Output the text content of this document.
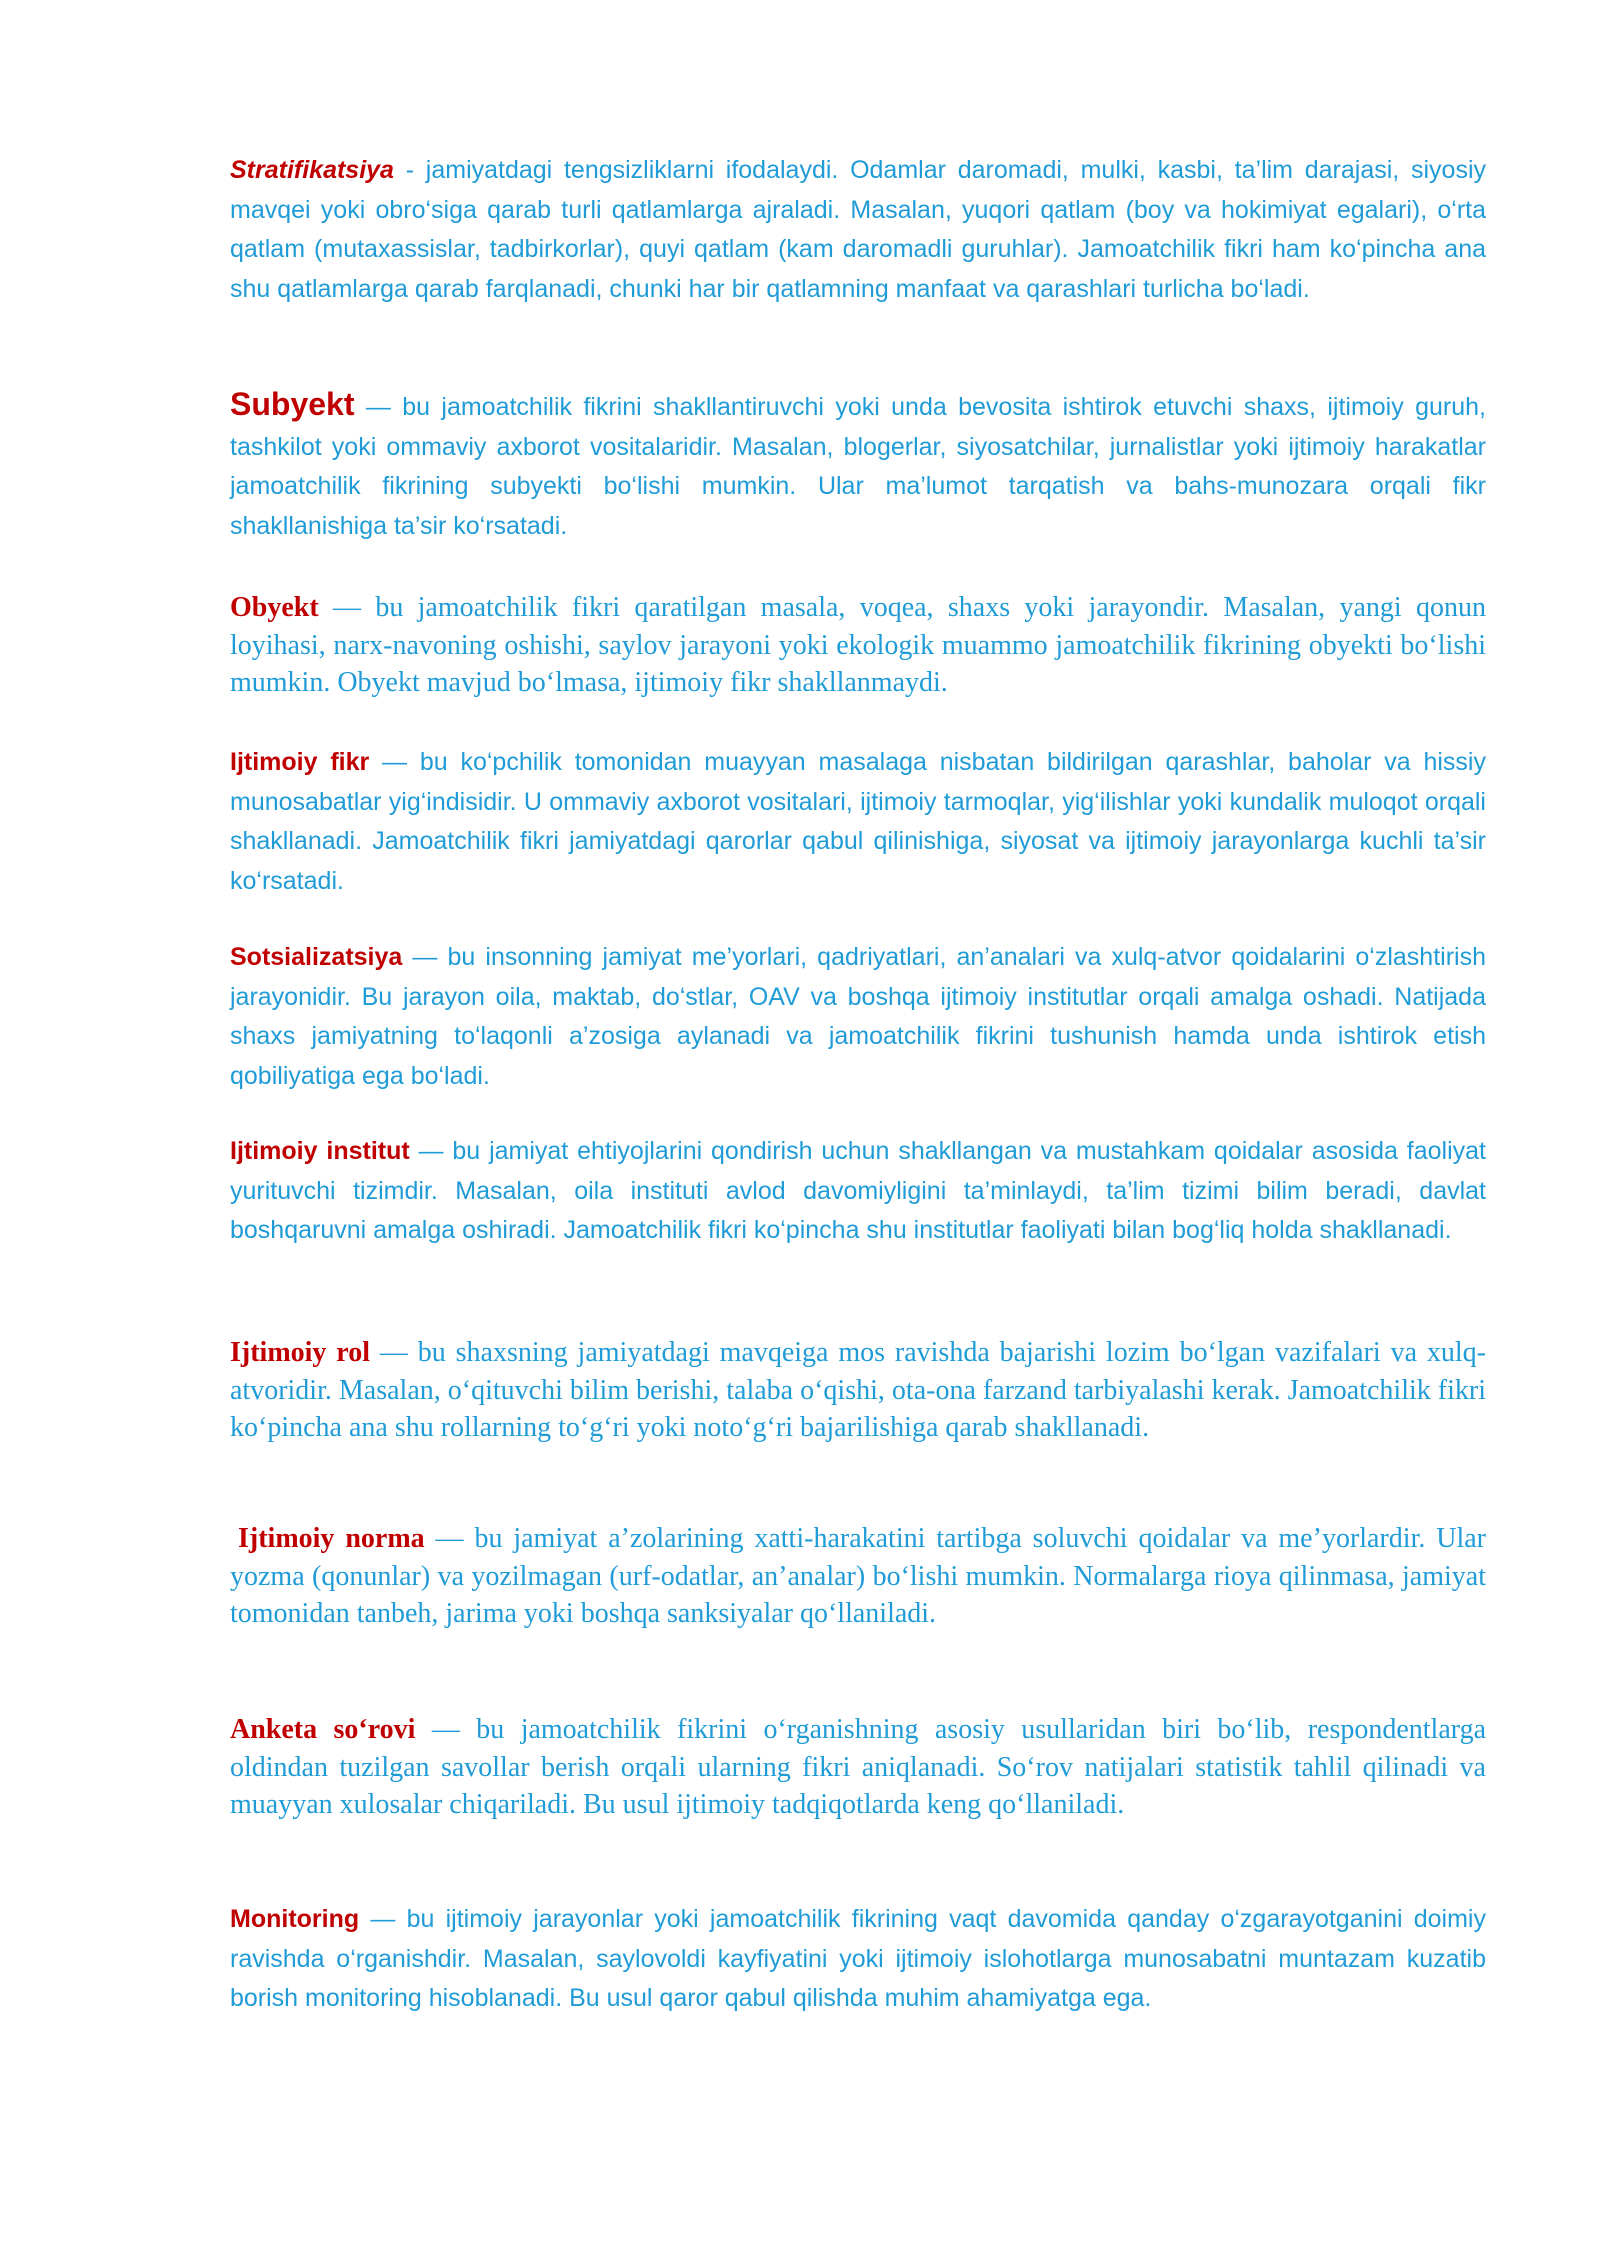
Stratifikatsiya - jamiyatdagi tengsizliklarni ifodalaydi. Odamlar daromadi, mulki, kasbi, ta’lim darajasi, siyosiy mavqei yoki obro‘siga qarab turli qatlamlarga ajraladi. Masalan, yuqori qatlam (boy va hokimiyat egalari), o‘rta qatlam (mutaxassislar, tadbirkorlar), quyi qatlam (kam daromadli guruhlar). Jamoatchilik fikri ham ko‘pincha ana shu qatlamlarga qarab farqlanadi, chunki har bir qatlamning manfaat va qarashlari turlicha bo‘ladi.

Subyekt — bu jamoatchilik fikrini shakllantiruvchi yoki unda bevosita ishtirok etuvchi shaxs, ijtimoiy guruh, tashkilot yoki ommaviy axborot vositalaridir. Masalan, blogerlar, siyosatchilar, jurnalistlar yoki ijtimoiy harakatlar jamoatchilik fikrining subyekti bo‘lishi mumkin. Ular ma’lumot tarqatish va bahs-munozara orqali fikr shakllanishiga ta’sir ko‘rsatadi.

Obyekt — bu jamoatchilik fikri qaratilgan masala, voqea, shaxs yoki jarayondir. Masalan, yangi qonun loyihasi, narx-navoning oshishi, saylov jarayoni yoki ekologik muammo jamoatchilik fikrining obyekti bo‘lishi mumkin. Obyekt mavjud bo‘lmasa, ijtimoiy fikr shakllanmaydi.

Ijtimoiy fikr — bu ko‘pchilik tomonidan muayyan masalaga nisbatan bildirilgan qarashlar, baholar va hissiy munosabatlar yig‘indisidir. U ommaviy axborot vositalari, ijtimoiy tarmoqlar, yig‘ilishlar yoki kundalik muloqot orqali shakllanadi. Jamoatchilik fikri jamiyatdagi qarorlar qabul qilinishiga, siyosat va ijtimoiy jarayonlarga kuchli ta’sir ko‘rsatadi.

Sotsializatsiya — bu insonning jamiyat me’yorlari, qadriyatlari, an’analari va xulq-atvor qoidalarini o‘zlashtirish jarayonidir. Bu jarayon oila, maktab, do‘stlar, OAV va boshqa ijtimoiy institutlar orqali amalga oshadi. Natijada shaxs jamiyatning to‘laqonli a’zosiga aylanadi va jamoatchilik fikrini tushunish hamda unda ishtirok etish qobiliyatiga ega bo‘ladi.

Ijtimoiy institut — bu jamiyat ehtiyojlarini qondirish uchun shakllangan va mustahkam qoidalar asosida faoliyat yurituvchi tizimdir. Masalan, oila instituti avlod davomiyligini ta’minlaydi, ta’lim tizimi bilim beradi, davlat boshqaruvni amalga oshiradi. Jamoatchilik fikri ko‘pincha shu institutlar faoliyati bilan bog‘liq holda shakllanadi.

Ijtimoiy rol — bu shaxsning jamiyatdagi mavqeiga mos ravishda bajarishi lozim bo‘lgan vazifalari va xulq-atvoridir. Masalan, o‘qituvchi bilim berishi, talaba o‘qishi, ota-ona farzand tarbiyalashi kerak. Jamoatchilik fikri ko‘pincha ana shu rollarning to‘g‘ri yoki noto‘g‘ri bajarilishiga qarab shakllanadi.

Ijtimoiy norma — bu jamiyat a’zolarining xatti-harakatini tartibga soluvchi qoidalar va me’yorlardir. Ular yozma (qonunlar) va yozilmagan (urf-odatlar, an’analar) bo‘lishi mumkin. Normalarga rioya qilinmasa, jamiyat tomonidan tanbeh, jarima yoki boshqa sanksiyalar qo‘llaniladi.

Anketa so‘rovi — bu jamoatchilik fikrini o‘rganishning asosiy usullaridan biri bo‘lib, respondentlarga oldindan tuzilgan savollar berish orqali ularning fikri aniqlanadi. So‘rov natijalari statistik tahlil qilinadi va muayyan xulosalar chiqariladi. Bu usul ijtimoiy tadqiqotlarda keng qo‘llaniladi.

Monitoring — bu ijtimoiy jarayonlar yoki jamoatchilik fikrining vaqt davomida qanday o‘zgarayotganini doimiy ravishda o‘rganishdir. Masalan, saylovoldi kayfiyatini yoki ijtimoiy islohotlarga munosabatni muntazam kuzatib borish monitoring hisoblanadi. Bu usul qaror qabul qilishda muhim ahamiyatga ega.
